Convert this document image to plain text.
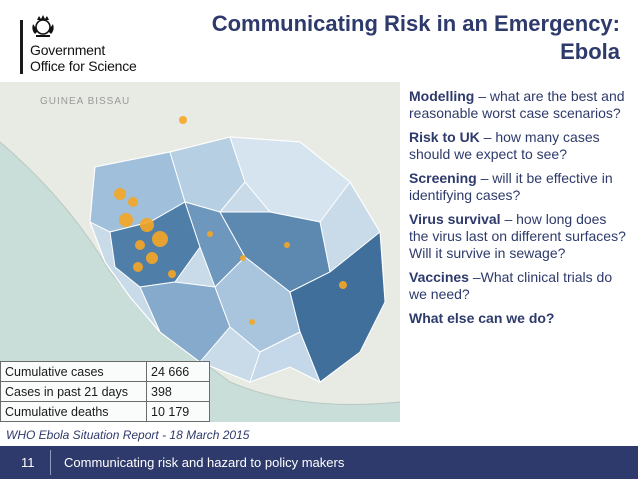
Government
Office for Science
Communicating Risk in an Emergency:
Ebola
GUINEA BISSAU
Cumulative cases	24 666
Cases in past 21 days	398
Cumulative deaths	10 179
WHO Ebola Situation Report - 18 March 2015
Modelling – what are the best and reasonable worst case scenarios?
Risk to UK – how many cases should we expect to see?
Screening – will it be effective in identifying cases?
Virus survival – how long does the virus last on different surfaces? Will it survive in sewage?
Vaccines –What clinical trials do we need?
What else can we do?
11 Communicating risk and hazard to policy makers
